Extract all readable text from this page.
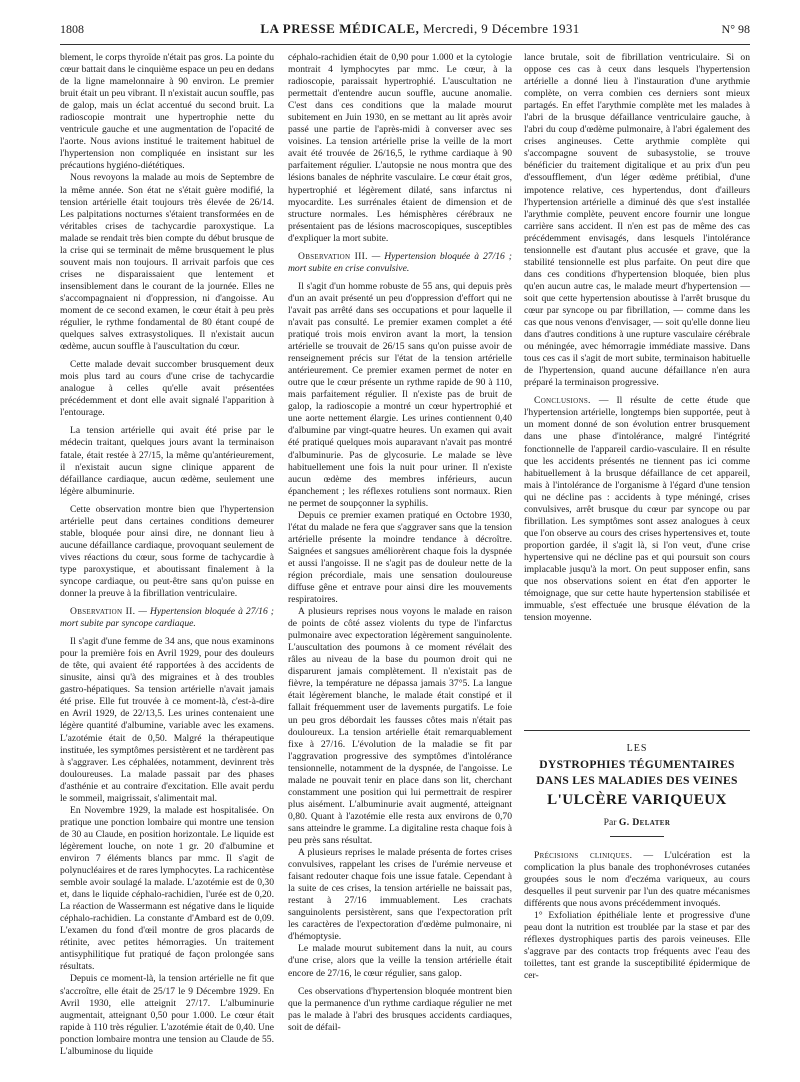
1808	LA PRESSE MÉDICALE, Mercredi, 9 Décembre 1931	N° 98

blement, le corps thyroïde n'était pas gros. La pointe du cœur battait dans le cinquième espace un peu en dedans de la ligne mamelonnaire à 90 environ. Le premier bruit était un peu vibrant. Il n'existait aucun souffle, pas de galop, mais un éclat accentué du second bruit. La radioscopie montrait une hypertrophie nette du ventricule gauche et une augmentation de l'opacité de l'aorte. Nous avions institué le traitement habituel de l'hypertension non compliquée en insistant sur les précautions hygiéno-diététiques.

Nous revoyons la malade au mois de Septembre de la même année. Son état ne s'était guère modifié, la tension artérielle était toujours très élevée de 26/14. Les palpitations nocturnes s'étaient transformées en de véritables crises de tachycardie paroxystique. La malade se rendait très bien compte du début brusque de la crise qui se terminait de même brusquement le plus souvent mais non toujours. Il arrivait parfois que ces crises ne disparaissaient que lentement et insensiblement dans le courant de la journée. Elles ne s'accompagnaient ni d'oppression, ni d'angoisse. Au moment de ce second examen, le cœur était à peu près régulier, le rythme fondamental de 80 étant coupé de quelques salves extrasystoliques. Il n'existait aucun œdème, aucun souffle à l'auscultation du cœur.

Cette malade devait succomber brusquement deux mois plus tard au cours d'une crise de tachycardie analogue à celles qu'elle avait présentées précédemment et dont elle avait signalé l'apparition à l'entourage.

La tension artérielle qui avait été prise par le médecin traitant, quelques jours avant la terminaison fatale, était restée à 27/15, la même qu'antérieurement, il n'existait aucun signe clinique apparent de défaillance cardiaque, aucun œdème, seulement une légère albuminurie.

Cette observation montre bien que l'hypertension artérielle peut dans certaines conditions demeurer stable, bloquée pour ainsi dire, ne donnant lieu à aucune défaillance cardiaque, provoquant seulement de vives réactions du cœur, sous forme de tachycardie à type paroxystique, et aboutissant finalement à la syncope cardiaque, ou peut-être sans qu'on puisse en donner la preuve à la fibrillation ventriculaire.

Observation II. — Hypertension bloquée à 27/16 ; mort subite par syncope cardiaque.

Il s'agit d'une femme de 34 ans, que nous examinons pour la première fois en Avril 1929, pour des douleurs de tête, qui avaient été rapportées à des accidents de sinusite, ainsi qu'à des migraines et à des troubles gastro-hépatiques. Sa tension artérielle n'avait jamais été prise. Elle fut trouvée à ce moment-là, c'est-à-dire en Avril 1929, de 22/13,5. Les urines contenaient une légère quantité d'albumine, variable avec les examens. L'azotémie était de 0,50. Malgré la thérapeutique instituée, les symptômes persistèrent et ne tardèrent pas à s'aggraver. Les céphalées, notamment, devinrent très douloureuses. La malade passait par des phases d'asthénie et au contraire d'excitation. Elle avait perdu le sommeil, maigrissait, s'alimentait mal.

En Novembre 1929, la malade est hospitalisée. On pratique une ponction lombaire qui montre une tension de 30 au Claude, en position horizontale. Le liquide est légèrement louche, on note 1 gr. 20 d'albumine et environ 7 éléments blancs par mmc. Il s'agit de polynucléaires et de rares lymphocytes. La rachicentèse semble avoir soulagé la malade. L'azotémie est de 0,30 et, dans le liquide céphalo-rachidien, l'urée est de 0,20. La réaction de Wassermann est négative dans le liquide céphalo-rachidien. La constante d'Ambard est de 0,09. L'examen du fond d'œil montre de gros placards de rétinite, avec petites hémorragies. Un traitement antisyphilitique fut pratiqué de façon prolongée sans résultats.

Depuis ce moment-là, la tension artérielle ne fit que s'accroître, elle était de 25/17 le 9 Décembre 1929. En Avril 1930, elle atteignit 27/17. L'albuminurie augmentait, atteignant 0,50 pour 1.000. Le cœur était rapide à 110 très régulier. L'azotémie était de 0,40. Une ponction lombaire montra une tension au Claude de 55. L'albuminose du liquide

céphalo-rachidien était de 0,90 pour 1.000 et la cytologie montrait 4 lymphocytes par mmc. Le cœur, à la radioscopie, paraissait hypertrophié. L'auscultation ne permettait d'entendre aucun souffle, aucune anomalie. C'est dans ces conditions que la malade mourut subitement en Juin 1930, en se mettant au lit après avoir passé une partie de l'après-midi à converser avec ses voisines. La tension artérielle prise la veille de la mort avait été trouvée de 26/16,5, le rythme cardiaque à 90 parfaitement régulier. L'autopsie ne nous montra que des lésions banales de néphrite vasculaire. Le cœur était gros, hypertrophié et légèrement dilaté, sans infarctus ni myocardite. Les surrénales étaient de dimension et de structure normales. Les hémisphères cérébraux ne présentaient pas de lésions macroscopiques, susceptibles d'expliquer la mort subite.

Observation III. — Hypertension bloquée à 27/16 ; mort subite en crise convulsive.

Il s'agit d'un homme robuste de 55 ans, qui depuis près d'un an avait présenté un peu d'oppression d'effort qui ne l'avait pas arrêté dans ses occupations et pour laquelle il n'avait pas consulté. Le premier examen complet a été pratiqué trois mois environ avant la mort, la tension artérielle se trouvait de 26/15 sans qu'on puisse avoir de renseignement précis sur l'état de la tension artérielle antérieurement. Ce premier examen permet de noter en outre que le cœur présente un rythme rapide de 90 à 110, mais parfaitement régulier. Il n'existe pas de bruit de galop, la radioscopie a montré un cœur hypertrophié et une aorte nettement élargie. Les urines contiennent 0,40 d'albumine par vingt-quatre heures. Un examen qui avait été pratiqué quelques mois auparavant n'avait pas montré d'albuminurie. Pas de glycosurie. Le malade se lève habituellement une fois la nuit pour uriner. Il n'existe aucun œdème des membres inférieurs, aucun épanchement ; les réflexes rotuliens sont normaux. Rien ne permet de soupçonner la syphilis.

Depuis ce premier examen pratiqué en Octobre 1930, l'état du malade ne fera que s'aggraver sans que la tension artérielle présente la moindre tendance à décroître. Saignées et sangsues améliorèrent chaque fois la dyspnée et aussi l'angoisse. Il ne s'agit pas de douleur nette de la région précordiale, mais une sensation douloureuse diffuse gêne et entrave pour ainsi dire les mouvements respiratoires.

A plusieurs reprises nous voyons le malade en raison de points de côté assez violents du type de l'infarctus pulmonaire avec expectoration légèrement sanguinolente. L'auscultation des poumons à ce moment révélait des râles au niveau de la base du poumon droit qui ne disparurent jamais complètement. Il n'existait pas de fièvre, la température ne dépassa jamais 37°5. La langue était légèrement blanche, le malade était constipé et il fallait fréquemment user de lavements purgatifs. Le foie un peu gros débordait les fausses côtes mais n'était pas douloureux. La tension artérielle était remarquablement fixe à 27/16. L'évolution de la maladie se fit par l'aggravation progressive des symptômes d'intolérance tensionnelle, notamment de la dyspnée, de l'angoisse. Le malade ne pouvait tenir en place dans son lit, cherchant constamment une position qui lui permettrait de respirer plus aisément. L'albuminurie avait augmenté, atteignant 0,80. Quant à l'azotémie elle resta aux environs de 0,70 sans atteindre le gramme. La digitaline resta chaque fois à peu près sans résultat.

A plusieurs reprises le malade présenta de fortes crises convulsives, rappelant les crises de l'urémie nerveuse et faisant redouter chaque fois une issue fatale. Cependant à la suite de ces crises, la tension artérielle ne baissait pas, restant à 27/16 immuablement. Les crachats sanguinolents persistèrent, sans que l'expectoration prît les caractères de l'expectoration d'œdème pulmonaire, ni d'hémoptysie.

Le malade mourut subitement dans la nuit, au cours d'une crise, alors que la veille la tension artérielle était encore de 27/16, le cœur régulier, sans galop.

Ces observations d'hypertension bloquée montrent bien que la permanence d'un rythme cardiaque régulier ne met pas le malade à l'abri des brusques accidents cardiaques, soit de défail-

lance brutale, soit de fibrillation ventriculaire. Si on oppose ces cas à ceux dans lesquels l'hypertension artérielle a donné lieu à l'instauration d'une arythmie complète, on verra combien ces derniers sont mieux partagés. En effet l'arythmie complète met les malades à l'abri de la brusque défaillance ventriculaire gauche, à l'abri du coup d'œdème pulmonaire, à l'abri également des crises angineuses. Cette arythmie complète qui s'accompagne souvent de subasystolie, se trouve bénéficier du traitement digitalique et au prix d'un peu d'essoufflement, d'un léger œdème prétibial, d'une impotence relative, ces hypertendus, dont d'ailleurs l'hypertension artérielle a diminué dès que s'est installée l'arythmie complète, peuvent encore fournir une longue carrière sans accident. Il n'en est pas de même des cas précédemment envisagés, dans lesquels l'intolérance tensionnelle est d'autant plus accusée et grave, que la stabilité tensionnelle est plus parfaite. On peut dire que dans ces conditions d'hypertension bloquée, bien plus qu'en aucun autre cas, le malade meurt d'hypertension — soit que cette hypertension aboutisse à l'arrêt brusque du cœur par syncope ou par fibrillation, — comme dans les cas que nous venons d'envisager, — soit qu'elle donne lieu dans d'autres conditions à une rupture vasculaire cérébrale ou méningée, avec hémorragie immédiate massive. Dans tous ces cas il s'agit de mort subite, terminaison habituelle de l'hypertension, quand aucune défaillance n'en aura préparé la terminaison progressive.

Conclusions. — Il résulte de cette étude que l'hypertension artérielle, longtemps bien supportée, peut à un moment donné de son évolution entrer brusquement dans une phase d'intolérance, malgré l'intégrité fonctionnelle de l'appareil cardio-vasculaire. Il en résulte que les accidents présentés ne tiennent pas ici comme habituellement à la brusque défaillance de cet appareil, mais à l'intolérance de l'organisme à l'égard d'une tension qui ne décline pas : accidents à type méningé, crises convulsives, arrêt brusque du cœur par syncope ou par fibrillation. Les symptômes sont assez analogues à ceux que l'on observe au cours des crises hypertensives et, toute proportion gardée, il s'agit là, si l'on veut, d'une crise hypertensive qui ne décline pas et qui poursuit son cours implacable jusqu'à la mort. On peut supposer enfin, sans que nos observations soient en état d'en apporter le témoignage, que sur cette haute hypertension stabilisée et immuable, s'est effectuée une brusque élévation de la tension moyenne.

LES
DYSTROPHIES TÉGUMENTAIRES
DANS LES MALADIES DES VEINES
L'ULCÈRE VARIQUEUX
Par G. Delater

Précisions cliniques. — L'ulcération est la complication la plus banale des trophonévroses cutanées groupées sous le nom d'eczéma variqueux, au cours desquelles il peut survenir par l'un des quatre mécanismes différents que nous avons précédemment invoqués.

1° Exfoliation épithéliale lente et progressive d'une peau dont la nutrition est troublée par la stase et par des réflexes dystrophiques partis des parois veineuses. Elle s'aggrave par des contacts trop fréquents avec l'eau des toilettes, tant est grande la susceptibilité épidermique de cer-
